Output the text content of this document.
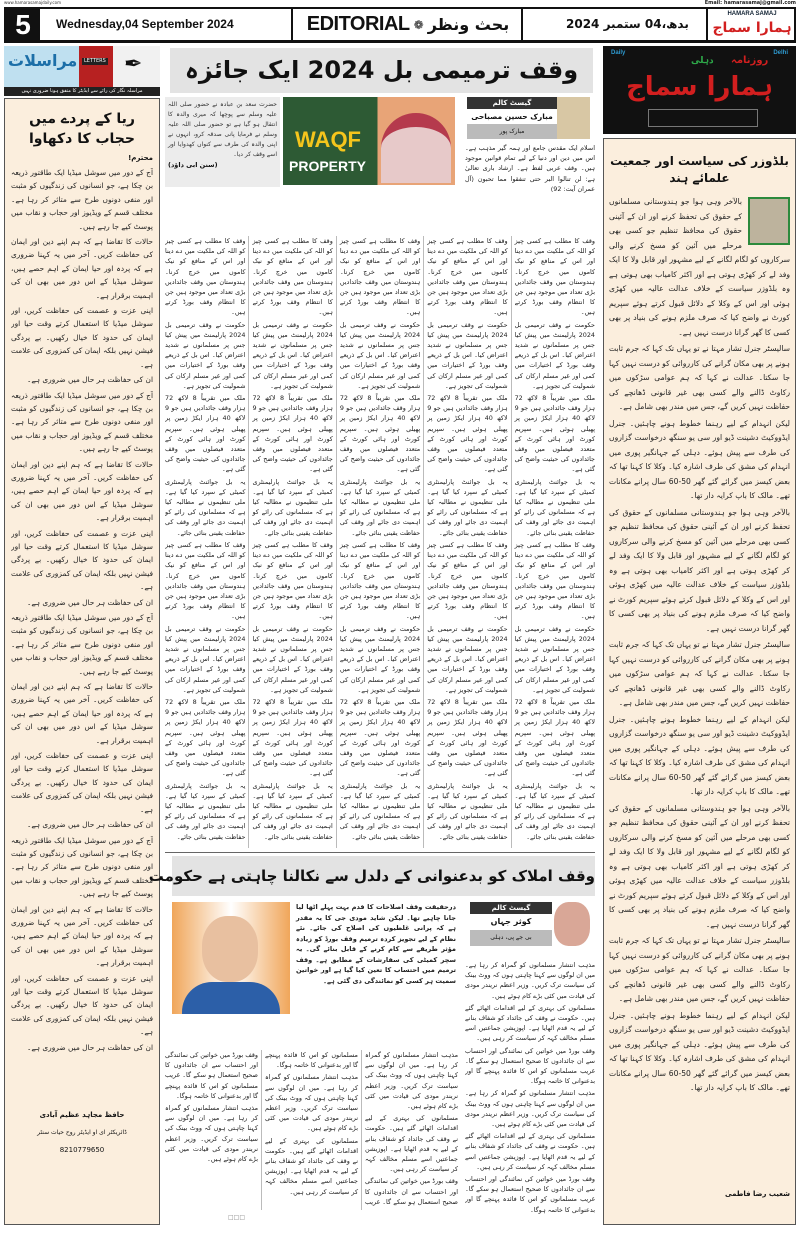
5	Wednesday,04 September 2024	EDITORIAL ❁ بحث ونظر	بدھ،04 ستمبر 2024
HAMARA SAMAJ
ہمارا سماج
www.hamarasamajdaily.com	Email: hamarasamaj@gmail.com
مراسلات	LETTERS ✒
مراسلہ نگار کی رائے سے ایڈیٹر کا متفق ہونا ضروری نہیں
ریا کے پردے میں حجاب کا دکھاوا
محترم!

آج کے دور میں سوشل میڈیا ایک طاقتور ذریعہ بن چکا ہے، جو انسانوں کی زندگیوں کو مثبت اور منفی دونوں طرح سے متاثر کر رہا ہے۔ مختلف قسم کے ویڈیوز اور حجاب و نقاب میں پوسٹ کیے جا رہے ہیں۔

حالات کا تقاضا ہے کہ ہم اپنے دین اور ایمان کی حفاظت کریں۔ آخر میں یہ کہنا ضروری ہے کہ پردہ اور حیا ایمان کے اہم حصے ہیں، سوشل میڈیا کے اس دور میں بھی ان کی اہمیت برقرار ہے۔

اپنی عزت و عصمت کی حفاظت کریں، اور سوشل میڈیا کا استعمال کرتے وقت حیا اور ایمان کی حدود کا خیال رکھیں۔ بے پردگی فیشن نہیں بلکہ ایمان کی کمزوری کی علامت ہے۔

ان کی حفاظت ہر حال میں ضروری ہے۔

آج کے دور میں سوشل میڈیا ایک طاقتور ذریعہ بن چکا ہے، جو انسانوں کی زندگیوں کو مثبت اور منفی دونوں طرح سے متاثر کر رہا ہے۔ مختلف قسم کے ویڈیوز اور حجاب و نقاب میں پوسٹ کیے جا رہے ہیں۔

حالات کا تقاضا ہے کہ ہم اپنے دین اور ایمان کی حفاظت کریں۔ آخر میں یہ کہنا ضروری ہے کہ پردہ اور حیا ایمان کے اہم حصے ہیں، سوشل میڈیا کے اس دور میں بھی ان کی اہمیت برقرار ہے۔

اپنی عزت و عصمت کی حفاظت کریں، اور سوشل میڈیا کا استعمال کرتے وقت حیا اور ایمان کی حدود کا خیال رکھیں۔ بے پردگی فیشن نہیں بلکہ ایمان کی کمزوری کی علامت ہے۔

ان کی حفاظت ہر حال میں ضروری ہے۔

آج کے دور میں سوشل میڈیا ایک طاقتور ذریعہ بن چکا ہے، جو انسانوں کی زندگیوں کو مثبت اور منفی دونوں طرح سے متاثر کر رہا ہے۔ مختلف قسم کے ویڈیوز اور حجاب و نقاب میں پوسٹ کیے جا رہے ہیں۔

حالات کا تقاضا ہے کہ ہم اپنے دین اور ایمان کی حفاظت کریں۔ آخر میں یہ کہنا ضروری ہے کہ پردہ اور حیا ایمان کے اہم حصے ہیں، سوشل میڈیا کے اس دور میں بھی ان کی اہمیت برقرار ہے۔

اپنی عزت و عصمت کی حفاظت کریں، اور سوشل میڈیا کا استعمال کرتے وقت حیا اور ایمان کی حدود کا خیال رکھیں۔ بے پردگی فیشن نہیں بلکہ ایمان کی کمزوری کی علامت ہے۔

ان کی حفاظت ہر حال میں ضروری ہے۔

آج کے دور میں سوشل میڈیا ایک طاقتور ذریعہ بن چکا ہے، جو انسانوں کی زندگیوں کو مثبت اور منفی دونوں طرح سے متاثر کر رہا ہے۔ مختلف قسم کے ویڈیوز اور حجاب و نقاب میں پوسٹ کیے جا رہے ہیں۔

حالات کا تقاضا ہے کہ ہم اپنے دین اور ایمان کی حفاظت کریں۔ آخر میں یہ کہنا ضروری ہے کہ پردہ اور حیا ایمان کے اہم حصے ہیں، سوشل میڈیا کے اس دور میں بھی ان کی اہمیت برقرار ہے۔

اپنی عزت و عصمت کی حفاظت کریں، اور سوشل میڈیا کا استعمال کرتے وقت حیا اور ایمان کی حدود کا خیال رکھیں۔ بے پردگی فیشن نہیں بلکہ ایمان کی کمزوری کی علامت ہے۔

ان کی حفاظت ہر حال میں ضروری ہے۔

حافظ مجاہد عظیم آبادی
ڈائریکٹر ای او ایڈیٹر روح حیات سنٹر
8210779650
وقف ترمیمی بل 2024 ایک جائزہ
حضرت سعد بن عبادہ نے حضور صلی اللہ علیہ وسلم سے پوچھا کہ میری والدہ کا انتقال ہو گیا ہے تو حضور صلی اللہ علیہ وسلم نے فرمایا پانی صدقہ کرو، انہوں نے اپنی والدہ کی طرف سے کنواں کھدوایا اور اسے وقف کر دیا۔
(سنن ابی داؤد)
WAQF
PROPERTY
گیسٹ کالم
مبارک حسین مصباحی
مبارک پور
اسلام ایک مقدس جامع اور ہمہ گیر مذہب ہے۔ اس میں دین اور دنیا کے لیے تمام قوانین موجود ہیں۔ وقف عربی لفظ ہے۔ ارشاد باری تعالیٰ ہے: لن تنالوا البر حتی تنفقوا مما تحبون (آل عمران آیت: 92)

وقف کا مطلب ہے کسی چیز کو اللہ کی ملکیت میں دے دینا اور اس کے منافع کو نیک کاموں میں خرچ کرنا۔ ہندوستان میں وقف جائدادیں بڑی تعداد میں موجود ہیں جن کا انتظام وقف بورڈ کرتے ہیں۔

حکومت نے وقف ترمیمی بل 2024 پارلیمنٹ میں پیش کیا جس پر مسلمانوں نے شدید اعتراض کیا۔ اس بل کے ذریعے وقف بورڈ کے اختیارات میں کمی اور غیر مسلم ارکان کی شمولیت کی تجویز ہے۔

ملک میں تقریباً 8 لاکھ 72 ہزار وقف جائدادیں ہیں جو 9 لاکھ 40 ہزار ایکڑ زمین پر پھیلی ہوئی ہیں۔ سپریم کورٹ اور ہائی کورٹ کے متعدد فیصلوں میں وقف جائدادوں کی حیثیت واضح کی گئی ہے۔

یہ بل جوائنٹ پارلیمنٹری کمیٹی کے سپرد کیا گیا ہے۔ ملی تنظیموں نے مطالبہ کیا ہے کہ مسلمانوں کی رائے کو اہمیت دی جائے اور وقف کی حفاظت یقینی بنائی جائے۔

وقف کا مطلب ہے کسی چیز کو اللہ کی ملکیت میں دے دینا اور اس کے منافع کو نیک کاموں میں خرچ کرنا۔ ہندوستان میں وقف جائدادیں بڑی تعداد میں موجود ہیں جن کا انتظام وقف بورڈ کرتے ہیں۔

حکومت نے وقف ترمیمی بل 2024 پارلیمنٹ میں پیش کیا جس پر مسلمانوں نے شدید اعتراض کیا۔ اس بل کے ذریعے وقف بورڈ کے اختیارات میں کمی اور غیر مسلم ارکان کی شمولیت کی تجویز ہے۔

ملک میں تقریباً 8 لاکھ 72 ہزار وقف جائدادیں ہیں جو 9 لاکھ 40 ہزار ایکڑ زمین پر پھیلی ہوئی ہیں۔ سپریم کورٹ اور ہائی کورٹ کے متعدد فیصلوں میں وقف جائدادوں کی حیثیت واضح کی گئی ہے۔

یہ بل جوائنٹ پارلیمنٹری کمیٹی کے سپرد کیا گیا ہے۔ ملی تنظیموں نے مطالبہ کیا ہے کہ مسلمانوں کی رائے کو اہمیت دی جائے اور وقف کی حفاظت یقینی بنائی جائے۔

وقف کا مطلب ہے کسی چیز کو اللہ کی ملکیت میں دے دینا اور اس کے منافع کو نیک کاموں میں خرچ کرنا۔ ہندوستان میں وقف جائدادیں بڑی تعداد میں موجود ہیں جن کا انتظام وقف بورڈ کرتے ہیں۔

حکومت نے وقف ترمیمی بل 2024 پارلیمنٹ میں پیش کیا جس پر مسلمانوں نے شدید اعتراض کیا۔ اس بل کے ذریعے وقف بورڈ کے اختیارات میں کمی اور غیر مسلم ارکان کی شمولیت کی تجویز ہے۔

ملک میں تقریباً 8 لاکھ 72 ہزار وقف جائدادیں ہیں جو 9 لاکھ 40 ہزار ایکڑ زمین پر پھیلی ہوئی ہیں۔ سپریم کورٹ اور ہائی کورٹ کے متعدد فیصلوں میں وقف جائدادوں کی حیثیت واضح کی گئی ہے۔

یہ بل جوائنٹ پارلیمنٹری کمیٹی کے سپرد کیا گیا ہے۔ ملی تنظیموں نے مطالبہ کیا ہے کہ مسلمانوں کی رائے کو اہمیت دی جائے اور وقف کی حفاظت یقینی بنائی جائے۔

وقف کا مطلب ہے کسی چیز کو اللہ کی ملکیت میں دے دینا اور اس کے منافع کو نیک کاموں میں خرچ کرنا۔ ہندوستان میں وقف جائدادیں بڑی تعداد میں موجود ہیں جن کا انتظام وقف بورڈ کرتے ہیں۔

حکومت نے وقف ترمیمی بل 2024 پارلیمنٹ میں پیش کیا جس پر مسلمانوں نے شدید اعتراض کیا۔ اس بل کے ذریعے وقف بورڈ کے اختیارات میں کمی اور غیر مسلم ارکان کی شمولیت کی تجویز ہے۔

ملک میں تقریباً 8 لاکھ 72 ہزار وقف جائدادیں ہیں جو 9 لاکھ 40 ہزار ایکڑ زمین پر پھیلی ہوئی ہیں۔ سپریم کورٹ اور ہائی کورٹ کے متعدد فیصلوں میں وقف جائدادوں کی حیثیت واضح کی گئی ہے۔

یہ بل جوائنٹ پارلیمنٹری کمیٹی کے سپرد کیا گیا ہے۔ ملی تنظیموں نے مطالبہ کیا ہے کہ مسلمانوں کی رائے کو اہمیت دی جائے اور وقف کی حفاظت یقینی بنائی جائے۔

وقف کا مطلب ہے کسی چیز کو اللہ کی ملکیت میں دے دینا اور اس کے منافع کو نیک کاموں میں خرچ کرنا۔ ہندوستان میں وقف جائدادیں بڑی تعداد میں موجود ہیں جن کا انتظام وقف بورڈ کرتے ہیں۔

حکومت نے وقف ترمیمی بل 2024 پارلیمنٹ میں پیش کیا جس پر مسلمانوں نے شدید اعتراض کیا۔ اس بل کے ذریعے وقف بورڈ کے اختیارات میں کمی اور غیر مسلم ارکان کی شمولیت کی تجویز ہے۔

ملک میں تقریباً 8 لاکھ 72 ہزار وقف جائدادیں ہیں جو 9 لاکھ 40 ہزار ایکڑ زمین پر پھیلی ہوئی ہیں۔ سپریم کورٹ اور ہائی کورٹ کے متعدد فیصلوں میں وقف جائدادوں کی حیثیت واضح کی گئی ہے۔

یہ بل جوائنٹ پارلیمنٹری کمیٹی کے سپرد کیا گیا ہے۔ ملی تنظیموں نے مطالبہ کیا ہے کہ مسلمانوں کی رائے کو اہمیت دی جائے اور وقف کی حفاظت یقینی بنائی جائے۔

وقف کا مطلب ہے کسی چیز کو اللہ کی ملکیت میں دے دینا اور اس کے منافع کو نیک کاموں میں خرچ کرنا۔ ہندوستان میں وقف جائدادیں بڑی تعداد میں موجود ہیں جن کا انتظام وقف بورڈ کرتے ہیں۔

حکومت نے وقف ترمیمی بل 2024 پارلیمنٹ میں پیش کیا جس پر مسلمانوں نے شدید اعتراض کیا۔ اس بل کے ذریعے وقف بورڈ کے اختیارات میں کمی اور غیر مسلم ارکان کی شمولیت کی تجویز ہے۔

ملک میں تقریباً 8 لاکھ 72 ہزار وقف جائدادیں ہیں جو 9 لاکھ 40 ہزار ایکڑ زمین پر پھیلی ہوئی ہیں۔ سپریم کورٹ اور ہائی کورٹ کے متعدد فیصلوں میں وقف جائدادوں کی حیثیت واضح کی گئی ہے۔

یہ بل جوائنٹ پارلیمنٹری کمیٹی کے سپرد کیا گیا ہے۔ ملی تنظیموں نے مطالبہ کیا ہے کہ مسلمانوں کی رائے کو اہمیت دی جائے اور وقف کی حفاظت یقینی بنائی جائے۔

وقف کا مطلب ہے کسی چیز کو اللہ کی ملکیت میں دے دینا اور اس کے منافع کو نیک کاموں میں خرچ کرنا۔ ہندوستان میں وقف جائدادیں بڑی تعداد میں موجود ہیں جن کا انتظام وقف بورڈ کرتے ہیں۔

حکومت نے وقف ترمیمی بل 2024 پارلیمنٹ میں پیش کیا جس پر مسلمانوں نے شدید اعتراض کیا۔ اس بل کے ذریعے وقف بورڈ کے اختیارات میں کمی اور غیر مسلم ارکان کی شمولیت کی تجویز ہے۔

ملک میں تقریباً 8 لاکھ 72 ہزار وقف جائدادیں ہیں جو 9 لاکھ 40 ہزار ایکڑ زمین پر پھیلی ہوئی ہیں۔ سپریم کورٹ اور ہائی کورٹ کے متعدد فیصلوں میں وقف جائدادوں کی حیثیت واضح کی گئی ہے۔

یہ بل جوائنٹ پارلیمنٹری کمیٹی کے سپرد کیا گیا ہے۔ ملی تنظیموں نے مطالبہ کیا ہے کہ مسلمانوں کی رائے کو اہمیت دی جائے اور وقف کی حفاظت یقینی بنائی جائے۔

وقف کا مطلب ہے کسی چیز کو اللہ کی ملکیت میں دے دینا اور اس کے منافع کو نیک کاموں میں خرچ کرنا۔ ہندوستان میں وقف جائدادیں بڑی تعداد میں موجود ہیں جن کا انتظام وقف بورڈ کرتے ہیں۔

حکومت نے وقف ترمیمی بل 2024 پارلیمنٹ میں پیش کیا جس پر مسلمانوں نے شدید اعتراض کیا۔ اس بل کے ذریعے وقف بورڈ کے اختیارات میں کمی اور غیر مسلم ارکان کی شمولیت کی تجویز ہے۔

ملک میں تقریباً 8 لاکھ 72 ہزار وقف جائدادیں ہیں جو 9 لاکھ 40 ہزار ایکڑ زمین پر پھیلی ہوئی ہیں۔ سپریم کورٹ اور ہائی کورٹ کے متعدد فیصلوں میں وقف جائدادوں کی حیثیت واضح کی گئی ہے۔

یہ بل جوائنٹ پارلیمنٹری کمیٹی کے سپرد کیا گیا ہے۔ ملی تنظیموں نے مطالبہ کیا ہے کہ مسلمانوں کی رائے کو اہمیت دی جائے اور وقف کی حفاظت یقینی بنائی جائے۔

وقف کا مطلب ہے کسی چیز کو اللہ کی ملکیت میں دے دینا اور اس کے منافع کو نیک کاموں میں خرچ کرنا۔ ہندوستان میں وقف جائدادیں بڑی تعداد میں موجود ہیں جن کا انتظام وقف بورڈ کرتے ہیں۔

حکومت نے وقف ترمیمی بل 2024 پارلیمنٹ میں پیش کیا جس پر مسلمانوں نے شدید اعتراض کیا۔ اس بل کے ذریعے وقف بورڈ کے اختیارات میں کمی اور غیر مسلم ارکان کی شمولیت کی تجویز ہے۔

ملک میں تقریباً 8 لاکھ 72 ہزار وقف جائدادیں ہیں جو 9 لاکھ 40 ہزار ایکڑ زمین پر پھیلی ہوئی ہیں۔ سپریم کورٹ اور ہائی کورٹ کے متعدد فیصلوں میں وقف جائدادوں کی حیثیت واضح کی گئی ہے۔

یہ بل جوائنٹ پارلیمنٹری کمیٹی کے سپرد کیا گیا ہے۔ ملی تنظیموں نے مطالبہ کیا ہے کہ مسلمانوں کی رائے کو اہمیت دی جائے اور وقف کی حفاظت یقینی بنائی جائے۔

وقف کا مطلب ہے کسی چیز کو اللہ کی ملکیت میں دے دینا اور اس کے منافع کو نیک کاموں میں خرچ کرنا۔ ہندوستان میں وقف جائدادیں بڑی تعداد میں موجود ہیں جن کا انتظام وقف بورڈ کرتے ہیں۔

حکومت نے وقف ترمیمی بل 2024 پارلیمنٹ میں پیش کیا جس پر مسلمانوں نے شدید اعتراض کیا۔ اس بل کے ذریعے وقف بورڈ کے اختیارات میں کمی اور غیر مسلم ارکان کی شمولیت کی تجویز ہے۔

ملک میں تقریباً 8 لاکھ 72 ہزار وقف جائدادیں ہیں جو 9 لاکھ 40 ہزار ایکڑ زمین پر پھیلی ہوئی ہیں۔ سپریم کورٹ اور ہائی کورٹ کے متعدد فیصلوں میں وقف جائدادوں کی حیثیت واضح کی گئی ہے۔

یہ بل جوائنٹ پارلیمنٹری کمیٹی کے سپرد کیا گیا ہے۔ ملی تنظیموں نے مطالبہ کیا ہے کہ مسلمانوں کی رائے کو اہمیت دی جائے اور وقف کی حفاظت یقینی بنائی جائے۔

وقف املاک کو بدعنوانی کے دلدل سے نکالنا چاہتی ہے حکومت
درحقیقت وقف اصلاحات کا قدم بہت پہلے اٹھا لیا جانا چاہیے تھا۔ لیکن شاید مودی جی کا یہ مقدر ہے کہ پرانی غلطیوں کی اصلاح کی جائے۔ نئے نظام کے لیے تجویز کردہ ترمیم وقف بورڈ کو زیادہ مؤثر طریقے سے کام کرنے کے قابل بنائے گی۔ یہ سچر کمیٹی کی سفارشات کے مطابق ہے۔ وقف ترمیم میں احتساب کا تعین کیا گیا ہے اور خواتین سمیت ہر کسی کو نمائندگی دی گئی ہے۔
گیسٹ کالم
کوثر جہاں
بی جے پی، دہلی

مذہب انتشار مسلمانوں کو گمراہ کر رہا ہے۔ میں ان لوگوں سے کہنا چاہتی ہوں کہ ووٹ بینک کی سیاست ترک کریں۔ وزیر اعظم نریندر مودی کی قیادت میں کئی بڑے کام ہوئے ہیں۔

مسلمانوں کی بہتری کے لیے اقدامات اٹھائے گئے ہیں۔ حکومت نے وقف کی جائداد کو شفاف بنانے کے لیے یہ قدم اٹھایا ہے۔ اپوزیشن جماعتیں اسے مسلم مخالف کہہ کر سیاست کر رہی ہیں۔

وقف بورڈ میں خواتین کی نمائندگی اور احتساب سے ان جائدادوں کا صحیح استعمال ہو سکے گا۔ غریب مسلمانوں کو اس کا فائدہ پہنچے گا اور بدعنوانی کا خاتمہ ہوگا۔

مذہب انتشار مسلمانوں کو گمراہ کر رہا ہے۔ میں ان لوگوں سے کہنا چاہتی ہوں کہ ووٹ بینک کی سیاست ترک کریں۔ وزیر اعظم نریندر مودی کی قیادت میں کئی بڑے کام ہوئے ہیں۔

مسلمانوں کی بہتری کے لیے اقدامات اٹھائے گئے ہیں۔ حکومت نے وقف کی جائداد کو شفاف بنانے کے لیے یہ قدم اٹھایا ہے۔ اپوزیشن جماعتیں اسے مسلم مخالف کہہ کر سیاست کر رہی ہیں۔

وقف بورڈ میں خواتین کی نمائندگی اور احتساب سے ان جائدادوں کا صحیح استعمال ہو سکے گا۔ غریب مسلمانوں کو اس کا فائدہ پہنچے گا اور بدعنوانی کا خاتمہ ہوگا۔

مذہب انتشار مسلمانوں کو گمراہ کر رہا ہے۔ میں ان لوگوں سے کہنا چاہتی ہوں کہ ووٹ بینک کی سیاست ترک کریں۔ وزیر اعظم نریندر مودی کی قیادت میں کئی بڑے کام ہوئے ہیں۔

مسلمانوں کی بہتری کے لیے اقدامات اٹھائے گئے ہیں۔ حکومت نے وقف کی جائداد کو شفاف بنانے کے لیے یہ قدم اٹھایا ہے۔ اپوزیشن جماعتیں اسے مسلم مخالف کہہ کر سیاست کر رہی ہیں۔

وقف بورڈ میں خواتین کی نمائندگی اور احتساب سے ان جائدادوں کا صحیح استعمال ہو سکے گا۔ غریب مسلمانوں کو اس کا فائدہ پہنچے گا اور بدعنوانی کا خاتمہ ہوگا۔

مذہب انتشار مسلمانوں کو گمراہ کر رہا ہے۔ میں ان لوگوں سے کہنا چاہتی ہوں کہ ووٹ بینک کی سیاست ترک کریں۔ وزیر اعظم نریندر مودی کی قیادت میں کئی بڑے کام ہوئے ہیں۔

مسلمانوں کی بہتری کے لیے اقدامات اٹھائے گئے ہیں۔ حکومت نے وقف کی جائداد کو شفاف بنانے کے لیے یہ قدم اٹھایا ہے۔ اپوزیشن جماعتیں اسے مسلم مخالف کہہ کر سیاست کر رہی ہیں۔

وقف بورڈ میں خواتین کی نمائندگی اور احتساب سے ان جائدادوں کا صحیح استعمال ہو سکے گا۔ غریب مسلمانوں کو اس کا فائدہ پہنچے گا اور بدعنوانی کا خاتمہ ہوگا۔

مذہب انتشار مسلمانوں کو گمراہ کر رہا ہے۔ میں ان لوگوں سے کہنا چاہتی ہوں کہ ووٹ بینک کی سیاست ترک کریں۔ وزیر اعظم نریندر مودی کی قیادت میں کئی بڑے کام ہوئے ہیں۔

□□□
Daily	Delhi
روزنامہ
دہلی
ہمارا سماج
بلڈوزر کی سیاست اور جمعیت علمائے ہند

بالآخر وہی ہوا جو ہندوستانی مسلمانوں کے حقوق کی تحفظ کرنے اور ان کے آئینی حقوق کی محافظ تنظیم جو کسی بھی مرحلے میں آئین کو مسخ کرنے والی سرکاروں کو لگام لگانے کے لیے مشہور اور قابل ولا کا ایک وفد لے کر کھڑی ہوتی ہے اور اکثر کامیاب بھی ہوتی ہے وہ بلڈوزر سیاست کے خلاف عدالت عالیہ میں کھڑی ہوئی اور اس کے وکلا کے دلائل قبول کرتے ہوئے سپریم کورٹ نے واضح کیا کہ صرف ملزم ہونے کی بنیاد پر بھی کسی کا گھر گرانا درست نہیں ہے۔

سالیسٹر جنرل تشار مہتا نے تو یہاں تک کہا کہ جرم ثابت ہونے پر بھی مکان گرانے کی کارروائی کو درست نہیں کہا جا سکتا۔ عدالت نے کہا کہ ہم عوامی سڑکوں میں رکاوٹ ڈالنے والے کسی بھی غیر قانونی ڈھانچے کی حفاظت نہیں کریں گے، جس میں مندر بھی شامل ہے۔

لیکن انہدام کے لیے رہنما خطوط ہونے چاہئیں۔ جنرل ایڈووکیٹ دشینت ڈیو اور سی یو سنگھ درخواست گزاروں کی طرف سے پیش ہوئے۔ دہلی کے جہانگیر پوری میں انہدام کی مشق کی طرف اشارہ کیا۔ وکلا کا کہنا تھا کہ بعض کیسز میں گرائے گئے گھر 50-60 سال پرانے مکانات تھے۔ مالک کا باپ کرایہ دار تھا۔

بالآخر وہی ہوا جو ہندوستانی مسلمانوں کے حقوق کی تحفظ کرنے اور ان کے آئینی حقوق کی محافظ تنظیم جو کسی بھی مرحلے میں آئین کو مسخ کرنے والی سرکاروں کو لگام لگانے کے لیے مشہور اور قابل ولا کا ایک وفد لے کر کھڑی ہوتی ہے اور اکثر کامیاب بھی ہوتی ہے وہ بلڈوزر سیاست کے خلاف عدالت عالیہ میں کھڑی ہوئی اور اس کے وکلا کے دلائل قبول کرتے ہوئے سپریم کورٹ نے واضح کیا کہ صرف ملزم ہونے کی بنیاد پر بھی کسی کا گھر گرانا درست نہیں ہے۔

سالیسٹر جنرل تشار مہتا نے تو یہاں تک کہا کہ جرم ثابت ہونے پر بھی مکان گرانے کی کارروائی کو درست نہیں کہا جا سکتا۔ عدالت نے کہا کہ ہم عوامی سڑکوں میں رکاوٹ ڈالنے والے کسی بھی غیر قانونی ڈھانچے کی حفاظت نہیں کریں گے، جس میں مندر بھی شامل ہے۔

لیکن انہدام کے لیے رہنما خطوط ہونے چاہئیں۔ جنرل ایڈووکیٹ دشینت ڈیو اور سی یو سنگھ درخواست گزاروں کی طرف سے پیش ہوئے۔ دہلی کے جہانگیر پوری میں انہدام کی مشق کی طرف اشارہ کیا۔ وکلا کا کہنا تھا کہ بعض کیسز میں گرائے گئے گھر 50-60 سال پرانے مکانات تھے۔ مالک کا باپ کرایہ دار تھا۔

بالآخر وہی ہوا جو ہندوستانی مسلمانوں کے حقوق کی تحفظ کرنے اور ان کے آئینی حقوق کی محافظ تنظیم جو کسی بھی مرحلے میں آئین کو مسخ کرنے والی سرکاروں کو لگام لگانے کے لیے مشہور اور قابل ولا کا ایک وفد لے کر کھڑی ہوتی ہے اور اکثر کامیاب بھی ہوتی ہے وہ بلڈوزر سیاست کے خلاف عدالت عالیہ میں کھڑی ہوئی اور اس کے وکلا کے دلائل قبول کرتے ہوئے سپریم کورٹ نے واضح کیا کہ صرف ملزم ہونے کی بنیاد پر بھی کسی کا گھر گرانا درست نہیں ہے۔

سالیسٹر جنرل تشار مہتا نے تو یہاں تک کہا کہ جرم ثابت ہونے پر بھی مکان گرانے کی کارروائی کو درست نہیں کہا جا سکتا۔ عدالت نے کہا کہ ہم عوامی سڑکوں میں رکاوٹ ڈالنے والے کسی بھی غیر قانونی ڈھانچے کی حفاظت نہیں کریں گے، جس میں مندر بھی شامل ہے۔

لیکن انہدام کے لیے رہنما خطوط ہونے چاہئیں۔ جنرل ایڈووکیٹ دشینت ڈیو اور سی یو سنگھ درخواست گزاروں کی طرف سے پیش ہوئے۔ دہلی کے جہانگیر پوری میں انہدام کی مشق کی طرف اشارہ کیا۔ وکلا کا کہنا تھا کہ بعض کیسز میں گرائے گئے گھر 50-60 سال پرانے مکانات تھے۔ مالک کا باپ کرایہ دار تھا۔

شعیب رضا فاطمی
